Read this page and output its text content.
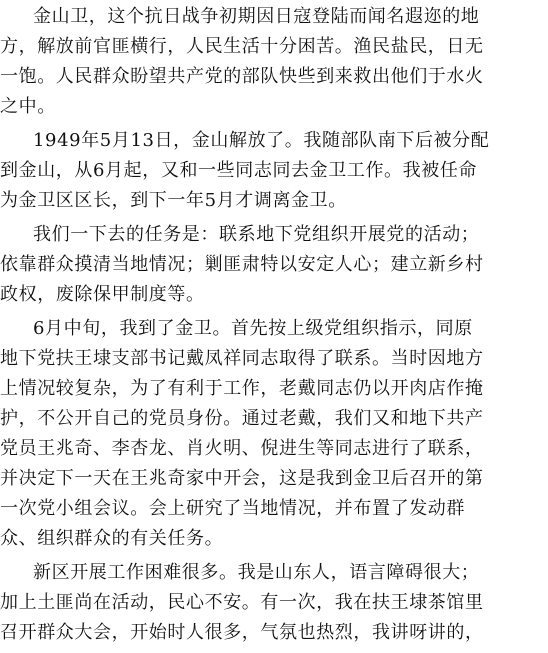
金山卫，这个抗日战争初期因日寇登陆而闻名遐迩的地
方，解放前官匪横行，人民生活十分困苦。渔民盐民，日无
一饱。人民群众盼望共产党的部队快些到来救出他们于水火
之中。
1949年5月13日，金山解放了。我随部队南下后被分配
到金山，从6月起，又和一些同志同去金卫工作。我被任命
为金卫区区长，到下一年5月才调离金卫。
我们一下去的任务是：联系地下党组织开展党的活动；
依靠群众摸清当地情况；剿匪肃特以安定人心；建立新乡村
政权，废除保甲制度等。
6月中旬，我到了金卫。首先按上级党组织指示，同原
地下党扶王埭支部书记戴凤祥同志取得了联系。当时因地方
上情况较复杂，为了有利于工作，老戴同志仍以开肉店作掩
护，不公开自己的党员身份。通过老戴，我们又和地下共产
党员王兆奇、李杏龙、肖火明、倪进生等同志进行了联系，
并决定下一天在王兆奇家中开会，这是我到金卫后召开的第
一次党小组会议。会上研究了当地情况，并布置了发动群
众、组织群众的有关任务。
新区开展工作困难很多。我是山东人，语言障碍很大；
加上土匪尚在活动，民心不安。有一次，我在扶王埭茶馆里
召开群众大会，开始时人很多，气氛也热烈，我讲呀讲的，
